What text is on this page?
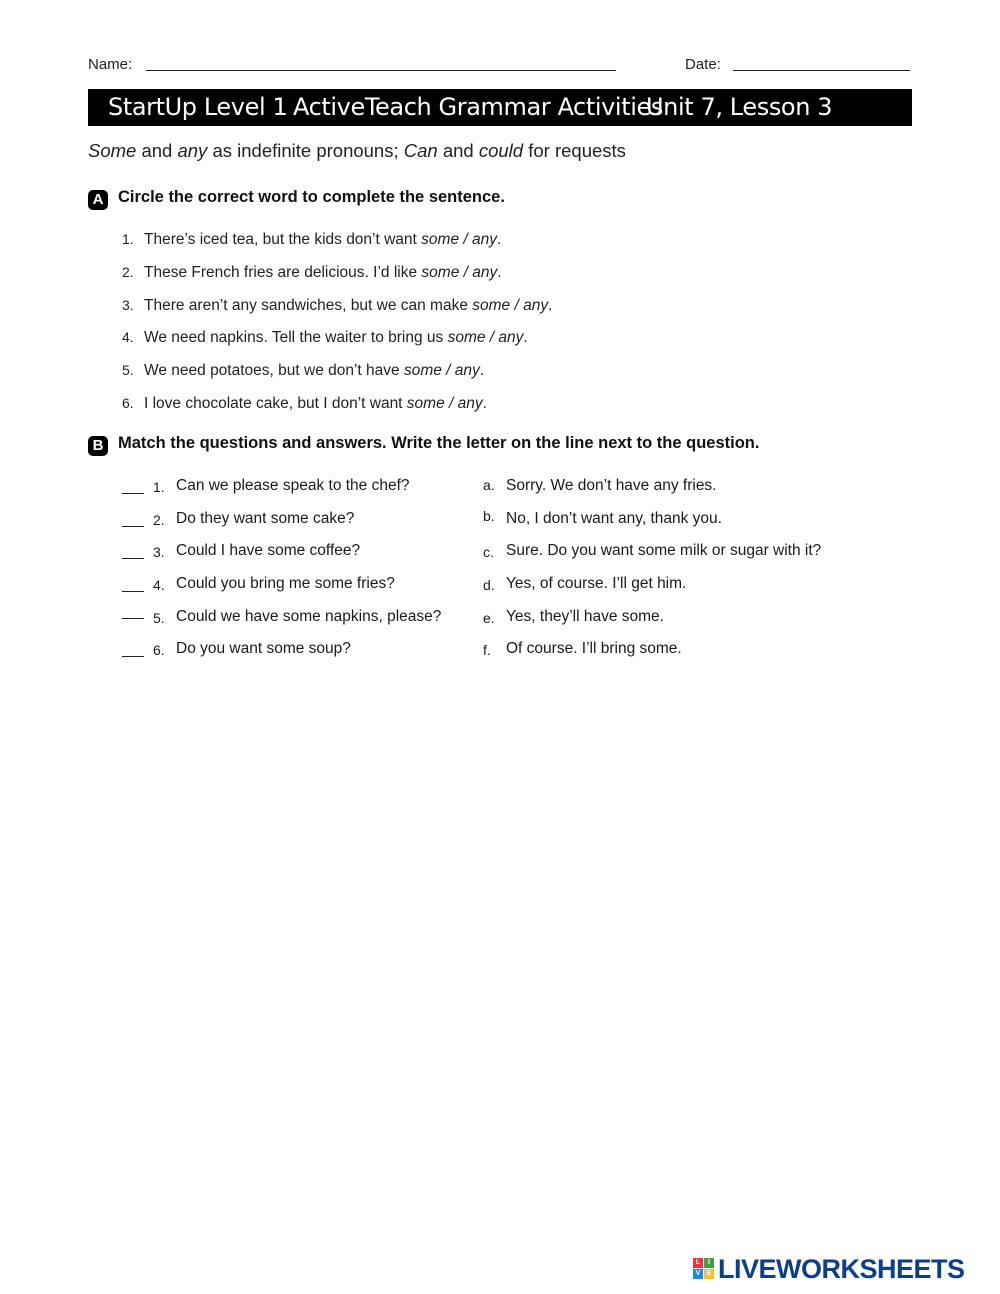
Name:	Date:
StartUp Level 1 ActiveTeach Grammar Activities
Unit 7, Lesson 3
Some and any as indefinite pronouns; Can and could for requests
A Circle the correct word to complete the sentence.
1. There’s iced tea, but the kids don’t want some / any.
2. These French fries are delicious. I’d like some / any.
3. There aren’t any sandwiches, but we can make some / any.
4. We need napkins. Tell the waiter to bring us some / any.
5. We need potatoes, but we don’t have some / any.
6. I love chocolate cake, but I don’t want some / any.
B Match the questions and answers. Write the letter on the line next to the question.
1. Can we please speak to the chef?	a. Sorry. We don’t have any fries.
2. Do they want some cake?	b. No, I don’t want any, thank you.
3. Could I have some coffee?	c. Sure. Do you want some milk or sugar with it?
4. Could you bring me some fries?	d. Yes, of course. I’ll get him.
5. Could we have some napkins, please?	e. Yes, they’ll have some.
6. Do you want some soup?	f. Of course. I’ll bring some.
L	I
V E LIVEWORKSHEETS
